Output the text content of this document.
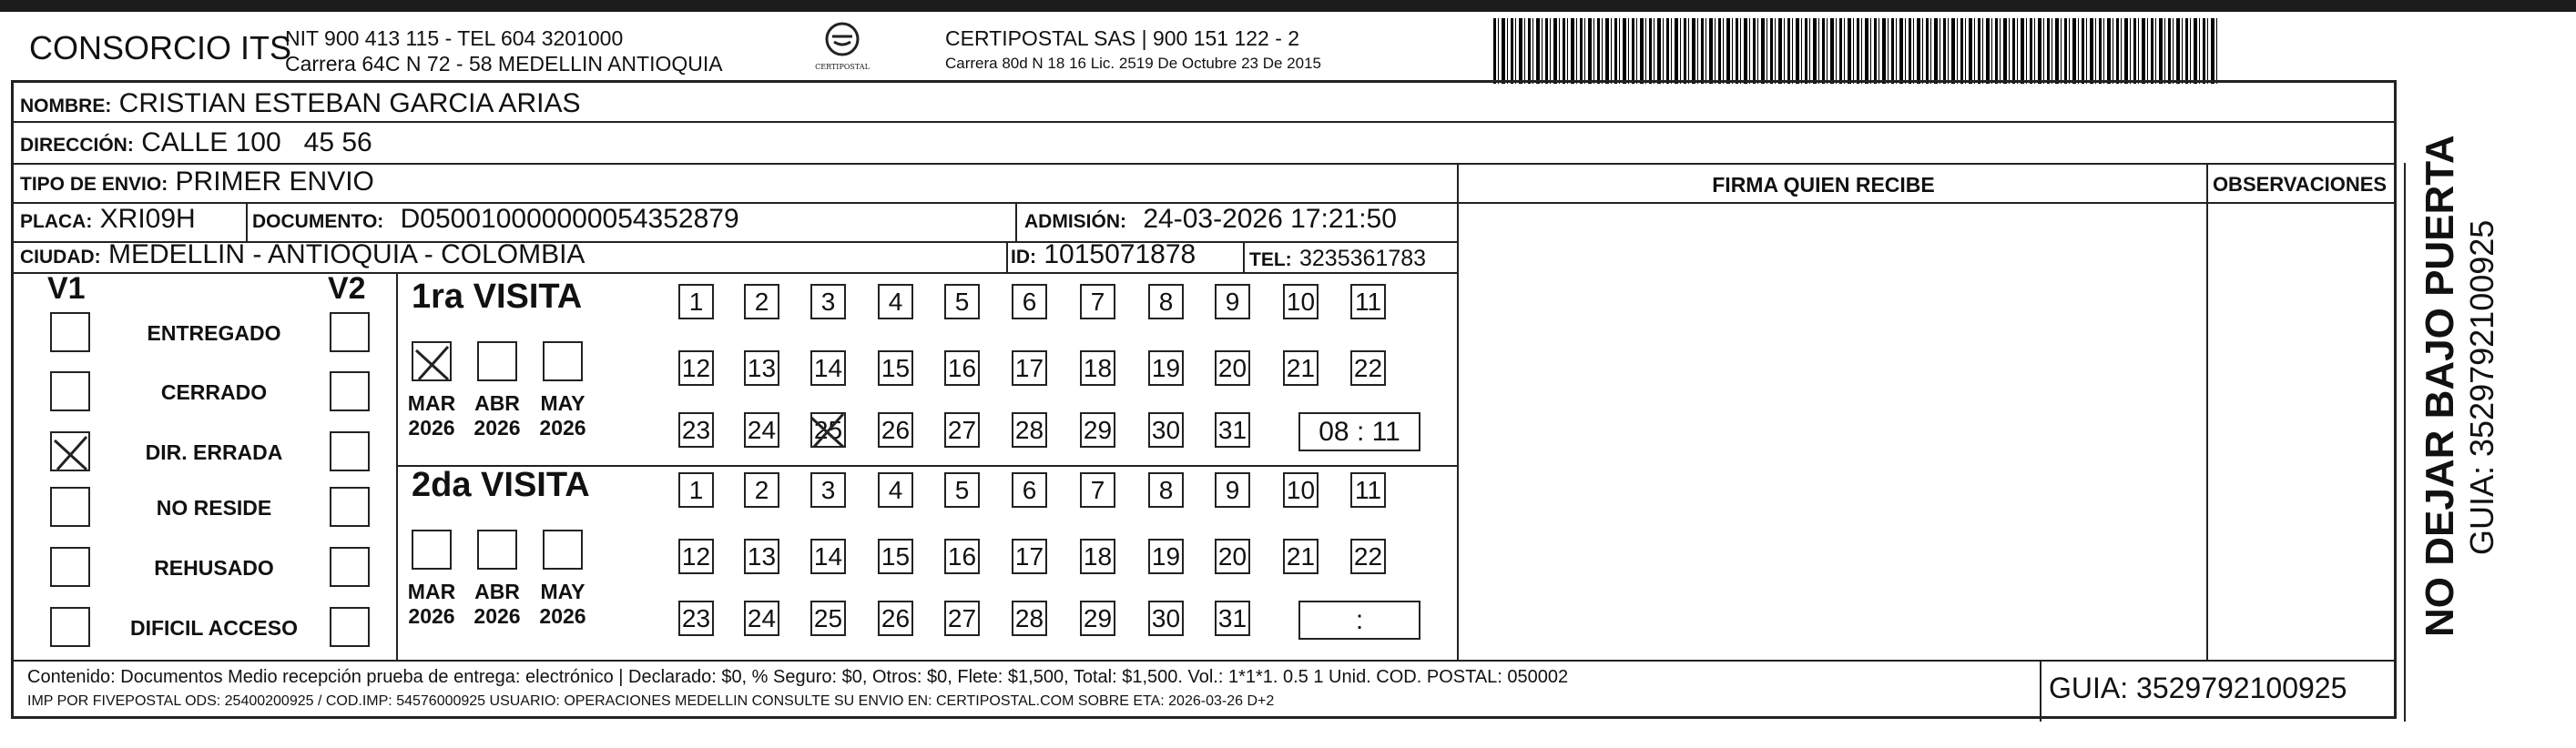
CONSORCIO ITS
NIT 900 413 115 - TEL 604 3201000
Carrera 64C N 72 - 58 MEDELLIN ANTIOQUIA	CERTIPOSTAL
CERTIPOSTAL SAS | 900 151 122 - 2
Carrera 80d N 18 16 Lic. 2519 De Octubre 23 De 2015
NOMBRE: CRISTIAN ESTEBAN GARCIA ARIAS
DIRECCIÓN: CALLE 100   45 56
TIPO DE ENVIO: PRIMER ENVIO
PLACA: XRI09H	DOCUMENTO: D050010000000054352879	ADMISIÓN: 24-03-2026 17:21:50
CIUDAD: MEDELLIN - ANTIOQUIA - COLOMBIA	ID: 1015071878	TEL: 3235361783
FIRMA QUIEN RECIBE	OBSERVACIONES
V1	V2
ENTREGADO
CERRADO
DIR. ERRADA
NO RESIDE
REHUSADO
DIFICIL ACCESO
1ra VISITA
MAR
2026
ABR
2026
MAY
2026
1	2	3	4	5	6	7	8	9	10 11
12 13 14 15 16 17 18 19 20 21 22
23 24 25 26 27 28 29 30 31	08 : 11
2da VISITA
MAR
2026
ABR
2026
MAY
2026
1	2	3	4	5	6	7	8	9	10 11
12 13 14 15 16 17 18 19 20 21 22
23 24 25 26 27 28 29 30 31	:
Contenido: Documentos Medio recepción prueba de entrega: electrónico | Declarado: $0, % Seguro: $0, Otros: $0, Flete: $1,500, Total: $1,500. Vol.: 1*1*1. 0.5 1 Unid. COD. POSTAL: 050002
IMP POR FIVEPOSTAL ODS: 25400200925 / COD.IMP: 54576000925 USUARIO: OPERACIONES MEDELLIN CONSULTE SU ENVIO EN: CERTIPOSTAL.COM SOBRE ETA: 2026-03-26 D+2	GUIA: 3529792100925
NO DEJAR BAJO PUERTA GUIA: 3529792100925
